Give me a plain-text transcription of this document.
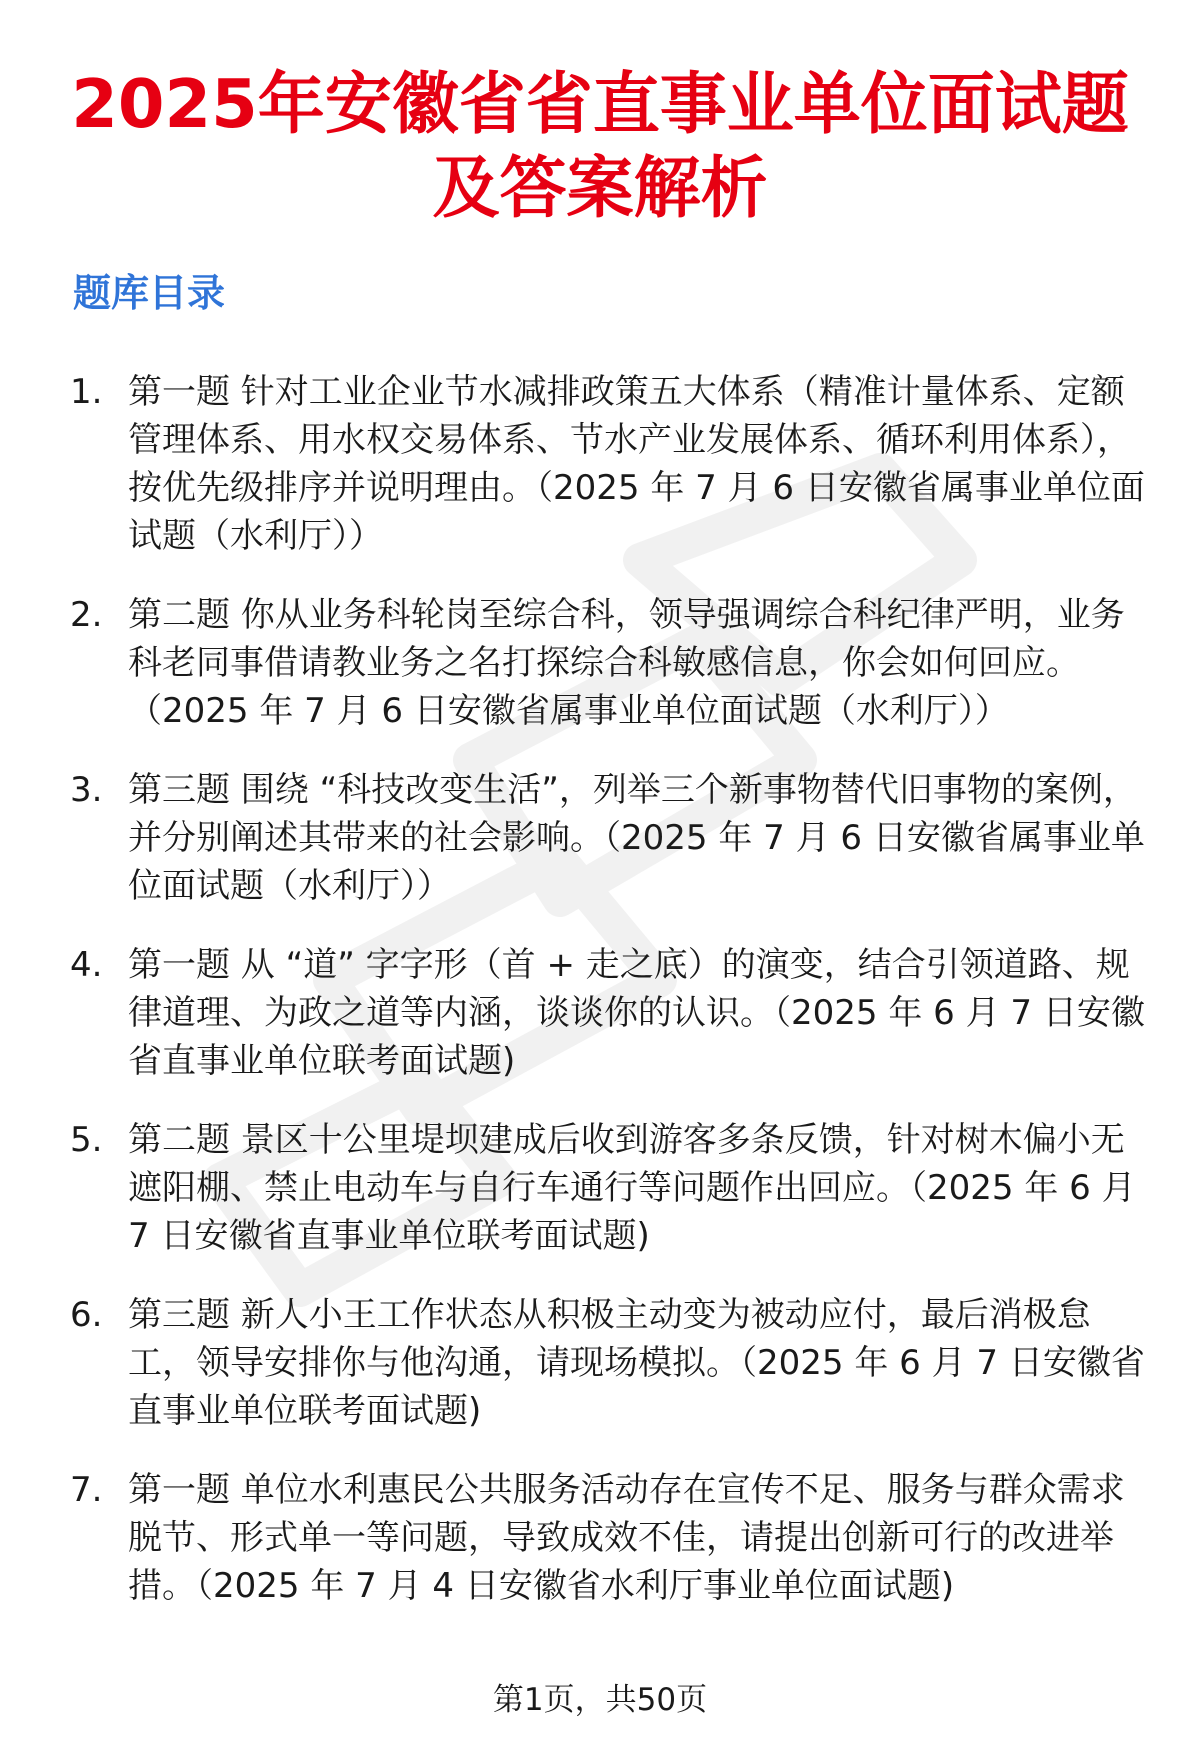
2025年安徽省省直事业单位面试题
及答案解析
题库目录
1. 第一题 针对工业企业节水减排政策五大体系（精准计量体系、定额管理体系、用水权交易体系、节水产业发展体系、循环利用体系），按优先级排序并说明理由。（2025 年 7 月 6 日安徽省属事业单位面试题（水利厅））
2. 第二题 你从业务科轮岗至综合科，领导强调综合科纪律严明，业务科老同事借请教业务之名打探综合科敏感信息，你会如何回应。（2025 年 7 月 6 日安徽省属事业单位面试题（水利厅））
3. 第三题 围绕 “科技改变生活”，列举三个新事物替代旧事物的案例，并分别阐述其带来的社会影响。（2025 年 7 月 6 日安徽省属事业单位面试题（水利厅））
4. 第一题 从 “道” 字字形（首 + 走之底）的演变，结合引领道路、规律道理、为政之道等内涵，谈谈你的认识。（2025 年 6 月 7 日安徽省直事业单位联考面试题)
5. 第二题 景区十公里堤坝建成后收到游客多条反馈，针对树木偏小无遮阳棚、禁止电动车与自行车通行等问题作出回应。（2025 年 6 月 7 日安徽省直事业单位联考面试题)
6. 第三题 新人小王工作状态从积极主动变为被动应付，最后消极怠工，领导安排你与他沟通，请现场模拟。（2025 年 6 月 7 日安徽省直事业单位联考面试题)
7. 第一题 单位水利惠民公共服务活动存在宣传不足、服务与群众需求脱节、形式单一等问题，导致成效不佳，请提出创新可行的改进举措。（2025 年 7 月 4 日安徽省水利厅事业单位面试题)
第1页，共50页
